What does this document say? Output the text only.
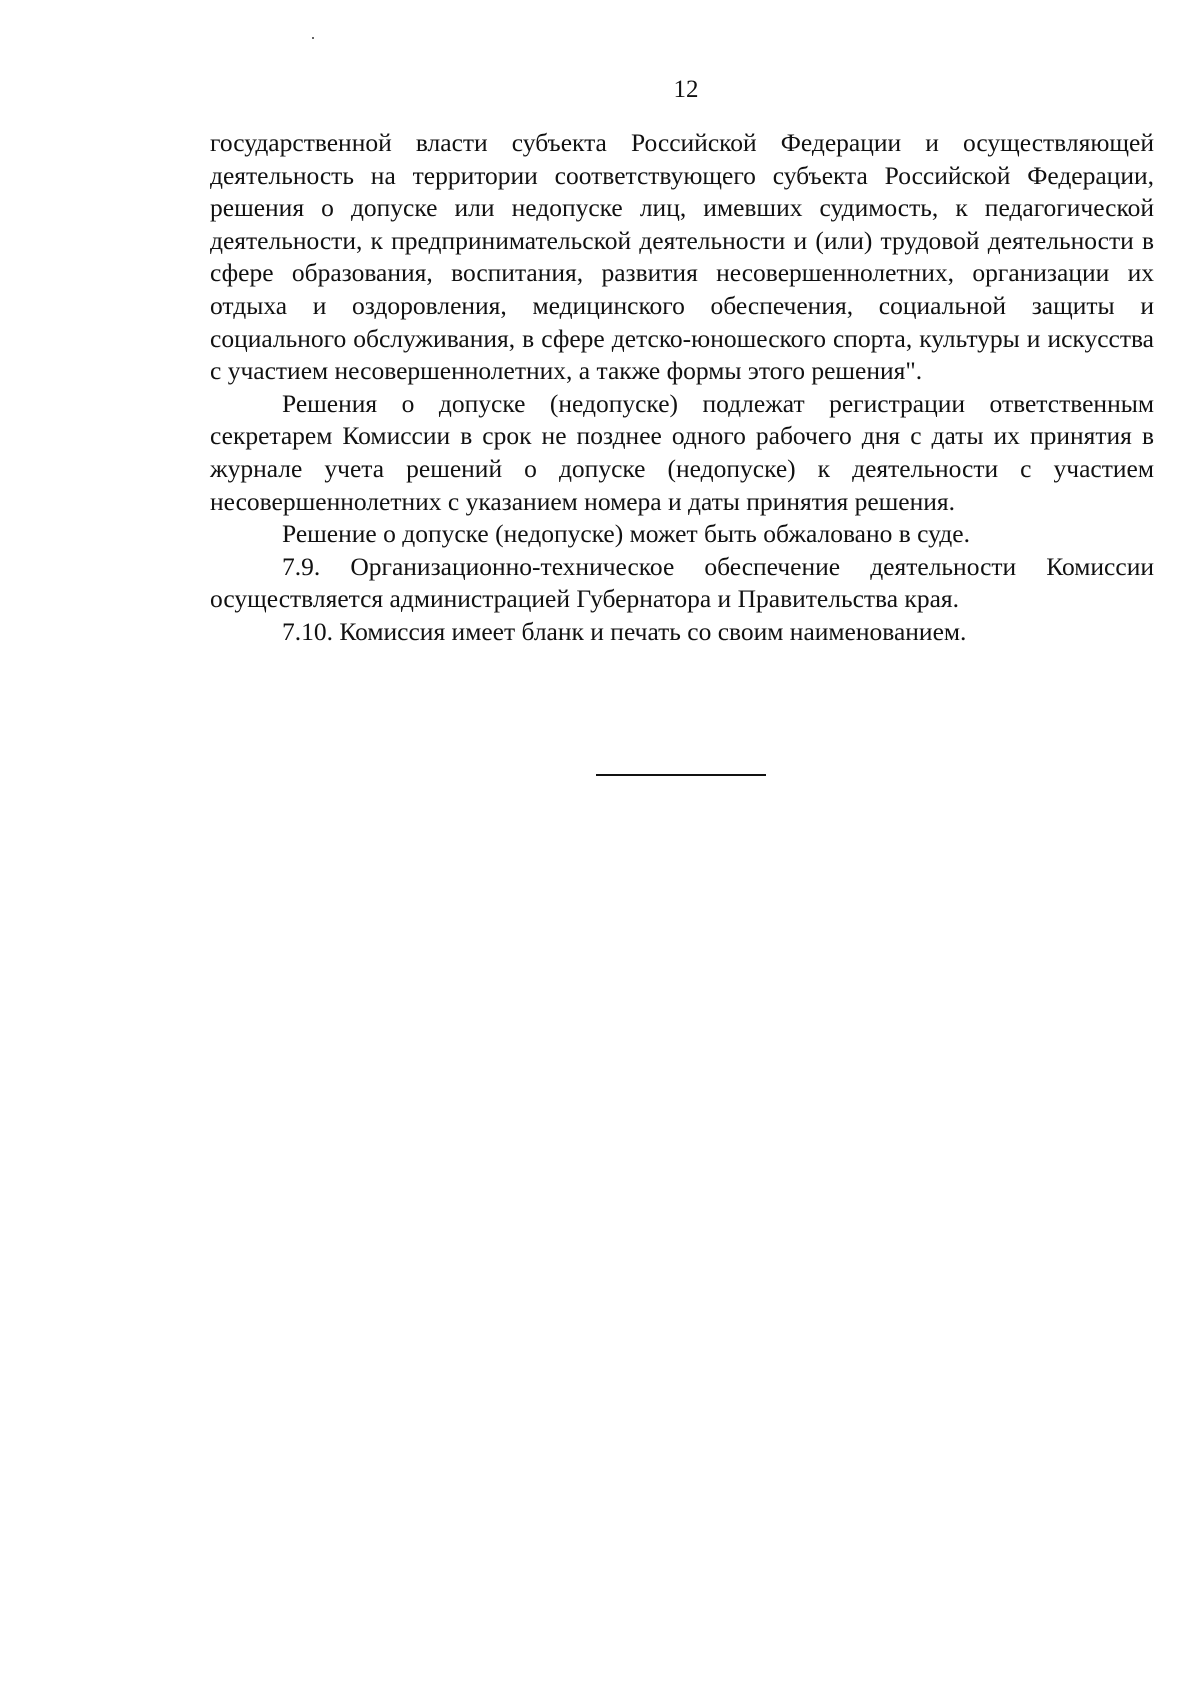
12

государственной власти субъекта Российской Федерации и осуществляющей деятельность на территории соответствующего субъекта Российской Федерации, решения о допуске или недопуске лиц, имевших судимость, к педагогической деятельности, к предпринимательской деятельности и (или) трудовой деятельности в сфере образования, воспитания, развития несовершеннолетних, организации их отдыха и оздоровления, медицинского обеспечения, социальной защиты и социального обслуживания, в сфере детско-юношеского спорта, культуры и искусства с участием несовершеннолетних, а также формы этого решения".

Решения о допуске (недопуске) подлежат регистрации ответственным секретарем Комиссии в срок не позднее одного рабочего дня с даты их принятия в журнале учета решений о допуске (недопуске) к деятельности с участием несовершеннолетних с указанием номера и даты принятия решения.

Решение о допуске (недопуске) может быть обжаловано в суде.

7.9. Организационно-техническое обеспечение деятельности Комиссии осуществляется администрацией Губернатора и Правительства края.

7.10. Комиссия имеет бланк и печать со своим наименованием.
